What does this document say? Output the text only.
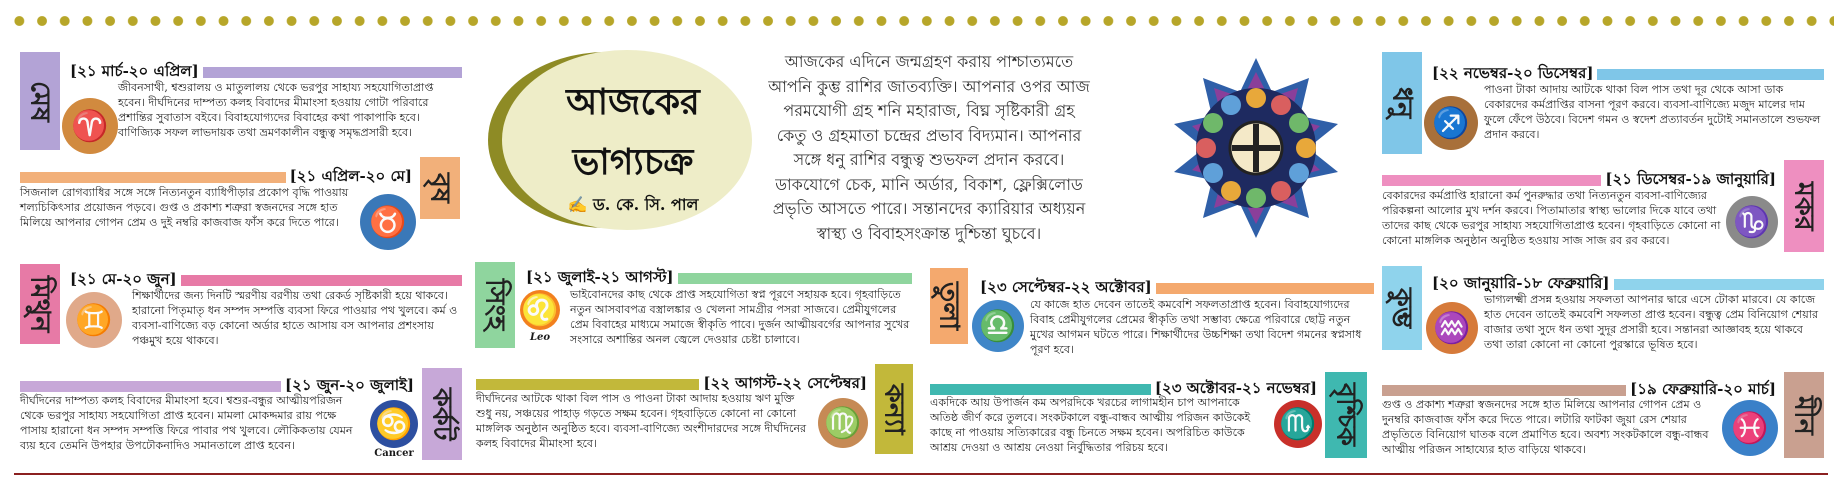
মেষ
[২১ মার্চ-২০ এপ্রিল]
♈
জীবনসাথী, শ্বশুরালয় ও মাতুলালয় থেকে ভরপুর সাহায্য সহযোগিতাপ্রাপ্ত হবেন। দীর্ঘদিনের দাম্পত্য কলহ বিবাদের মীমাংসা হওয়ায় গোটা পরিবারে প্রশান্তির সুবাতাস বইবে। বিবাহযোগ্যদের বিবাহের কথা পাকাপাকি হবে। বাণিজ্যিক সফল লাভদায়ক তথা ভ্রমণকালীন বন্ধুত্ব সমৃদ্ধপ্রসারী হবে।
বৃষ
[২১ এপ্রিল-২০ মে]
সিজনাল রোগব্যাধির সঙ্গে সঙ্গে নিত্যনতুন ব্যাধিপীড়ার প্রকোপ বৃদ্ধি পাওয়ায় শল্যচিকিৎসার প্রয়োজন পড়বে। গুপ্ত ও প্রকাশ্য শত্রুরা স্বজনদের সঙ্গে হাত মিলিয়ে আপনার গোপন প্রেম ও দুই নম্বরি কাজবাজ ফাঁস করে দিতে পারে।	♉
মিথুন [২১ মে-২০ জুন]
♊
শিক্ষার্থীদের জন্য দিনটি স্মরণীয় বরণীয় তথা রেকর্ড সৃষ্টিকারী হয়ে থাকবে। হারানো পিতৃমাতৃ ধন সম্পদ সম্পত্তি ব্যবসা ফিরে পাওয়ার পথ খুলবে। কর্ম ও ব্যবসা-বাণিজ্যে বড় কোনো অর্ডার হাতে আসায় বস আপনার প্রশংসায় পঞ্চমুখ হয়ে থাকবে।
কর্কট
[২১ জুন-২০ জুলাই]
দীর্ঘদিনের দাম্পত্য কলহ বিবাদের মীমাংসা হবে। শ্বশুর-বন্ধুর আত্মীয়পরিজন থেকে ভরপুর সাহায্য সহযোগিতা প্রাপ্ত হবেন। মামলা মোকদ্দমার রায় পক্ষে পাসায় হারানো ধন সম্পদ সম্পত্তি ফিরে পাবার পথ খুলবে। লৌকিকতায় যেমন ব্যয় হবে তেমনি উপহার উপঢৌকনাদিও সমানতালে প্রাপ্ত হবেন।
♋
Cancer
আজকের
ভাগ্যচক্র
✍ ড. কে. সি. পাল
আজকের এদিনে জন্মগ্রহণ করায় পাশ্চাত্যমতে আপনি কুম্ভ রাশির জাতব্যক্তি। আপনার ওপর আজ পরমযোগী গ্রহ শনি মহারাজ, বিঘ্ন সৃষ্টিকারী গ্রহ কেতু ও গ্রহমাতা চন্দ্রের প্রভাব বিদ্যমান। আপনার সঙ্গে ধনু রাশির বন্ধুত্ব শুভফল প্রদান করবে। ডাকযোগে চেক, মানি অর্ডার, বিকাশ, ফ্লেক্সিলোড প্রভৃতি আসতে পারে। সন্তানদের ক্যারিয়ার অধ্যয়ন স্বাস্থ্য ও বিবাহসংক্রান্ত দুশ্চিন্তা ঘুচবে।
সিংহ
[২১ জুলাই-২১ আগস্ট]
♌
Leo
ভাইবোনদের কাছ থেকে প্রাপ্ত সহযোগিতা স্বপ্ন পূরণে সহায়ক হবে। গৃহবাড়িতে নতুন আসবাবপত্র বস্ত্রালঙ্কার ও খেলনা সামগ্রীর পসরা সাজবে। প্রেমীযুগলের প্রেম বিবাহের মাধ্যমে সমাজে স্বীকৃতি পাবে। দুর্জন আত্মীয়বর্গের আপনার সুখের সংসারে অশান্তির অনল জ্বেলে দেওয়ার চেষ্টা চালাবে।
কন্যা
[২২ আগস্ট-২২ সেপ্টেম্বর]
দীর্ঘদিনের আটকে থাকা বিল পাস ও পাওনা টাকা আদায় হওয়ায় ঋণ মুক্তি শুধু নয়, সঞ্চয়ের পাহাড় গড়তে সক্ষম হবেন। গৃহবাড়িতে কোনো না কোনো মাঙ্গলিক অনুষ্ঠান অনুষ্ঠিত হবে। ব্যবসা-বাণিজ্যে অংশীদারদের সঙ্গে দীর্ঘদিনের কলহ বিবাদের মীমাংসা হবে।
♍
তুলা [২৩ সেপ্টেম্বর-২২ অক্টোবর]
♎
যে কাজে হাত দেবেন তাতেই কমবেশি সফলতাপ্রাপ্ত হবেন। বিবাহযোগ্যদের বিবাহ প্রেমীযুগলের প্রেমের স্বীকৃতি তথা সম্ভাব্য ক্ষেত্রে পরিবারে ছোট্ট নতুন মুখের আগমন ঘটতে পারে। শিক্ষার্থীদের উচ্চশিক্ষা তথা বিদেশ গমনের স্বপ্নসাধ পূরণ হবে।
বৃশ্চিক
[২৩ অক্টোবর-২১ নভেম্বর]
একদিকে আয় উপার্জন কম অপরদিকে খরচের লাগামহীন চাপ আপনাকে অতিষ্ঠ জীর্ণ করে তুলবে। সংকটকালে বন্ধু-বান্ধব আত্মীয় পরিজন কাউকেই কাছে না পাওয়ায় সত্যিকারের বন্ধু চিনতে সক্ষম হবেন। অপরিচিত কাউকে আশ্রয় দেওয়া ও আশ্রয় নেওয়া নির্বুদ্ধিতার পরিচয় হবে।
♏
ধনু
[২২ নভেম্বর-২০ ডিসেম্বর]
♐
পাওনা টাকা আদায় আটকে থাকা বিল পাস তথা দূর থেকে আসা ডাক বেকারদের কর্মপ্রাপ্তির বাসনা পূরণ করবে। ব্যবসা-বাণিজ্যে মজুদ মালের দাম ফুলে ফেঁপে উঠবে। বিদেশ গমন ও স্বদেশ প্রত্যাবর্তন দুটোই সমানতালে শুভফল প্রদান করবে।
মকর
[২১ ডিসেম্বর-১৯ জানুয়ারি]
বেকারদের কর্মপ্রাপ্তি হারানো কর্ম পুনরুদ্ধার তথা নিত্যনতুন ব্যবসা-বাণিজ্যের পরিকল্পনা আলোর মুখ দর্শন করবে। পিতামাতার স্বাস্থ্য ভালোর দিকে যাবে তথা তাদের কাছ থেকে ভরপুর সাহায্য সহযোগিতাপ্রাপ্ত হবেন। গৃহবাড়িতে কোনো না কোনো মাঙ্গলিক অনুষ্ঠান অনুষ্ঠিত হওয়ায় সাজ সাজ রব রব করবে।
♑
কুম্ভ
[২০ জানুয়ারি-১৮ ফেব্রুয়ারি]
♒
ভাগ্যলক্ষ্মী প্রসন্ন হওয়ায় সফলতা আপনার দ্বারে এসে টোকা মারবে। যে কাজে হাত দেবেন তাতেই কমবেশি সফলতা প্রাপ্ত হবেন। বন্ধুত্ব প্রেম বিনিয়োগ শেয়ার বাজার তথা সুদে ধন তথা সুদূর প্রসারী হবে। সন্তানরা আজ্ঞাবহ হয়ে থাকবে তথা তারা কোনো না কোনো পুরস্কারে ভূষিত হবে।
মীন
[১৯ ফেব্রুয়ারি-২০ মার্চ]
গুপ্ত ও প্রকাশ্য শত্রুরা স্বজনদের সঙ্গে হাত মিলিয়ে আপনার গোপন প্রেম ও দুনম্বরি কাজবাজ ফাঁস করে দিতে পারে। লটারি ফাটকা জুয়া রেস শেয়ার প্রভৃতিতে বিনিয়োগ ঘাতক বলে প্রমাণিত হবে। অবশ্য সংকটকালে বন্ধু-বান্ধব আত্মীয় পরিজন সাহায্যের হাত বাড়িয়ে থাকবে।
♓
